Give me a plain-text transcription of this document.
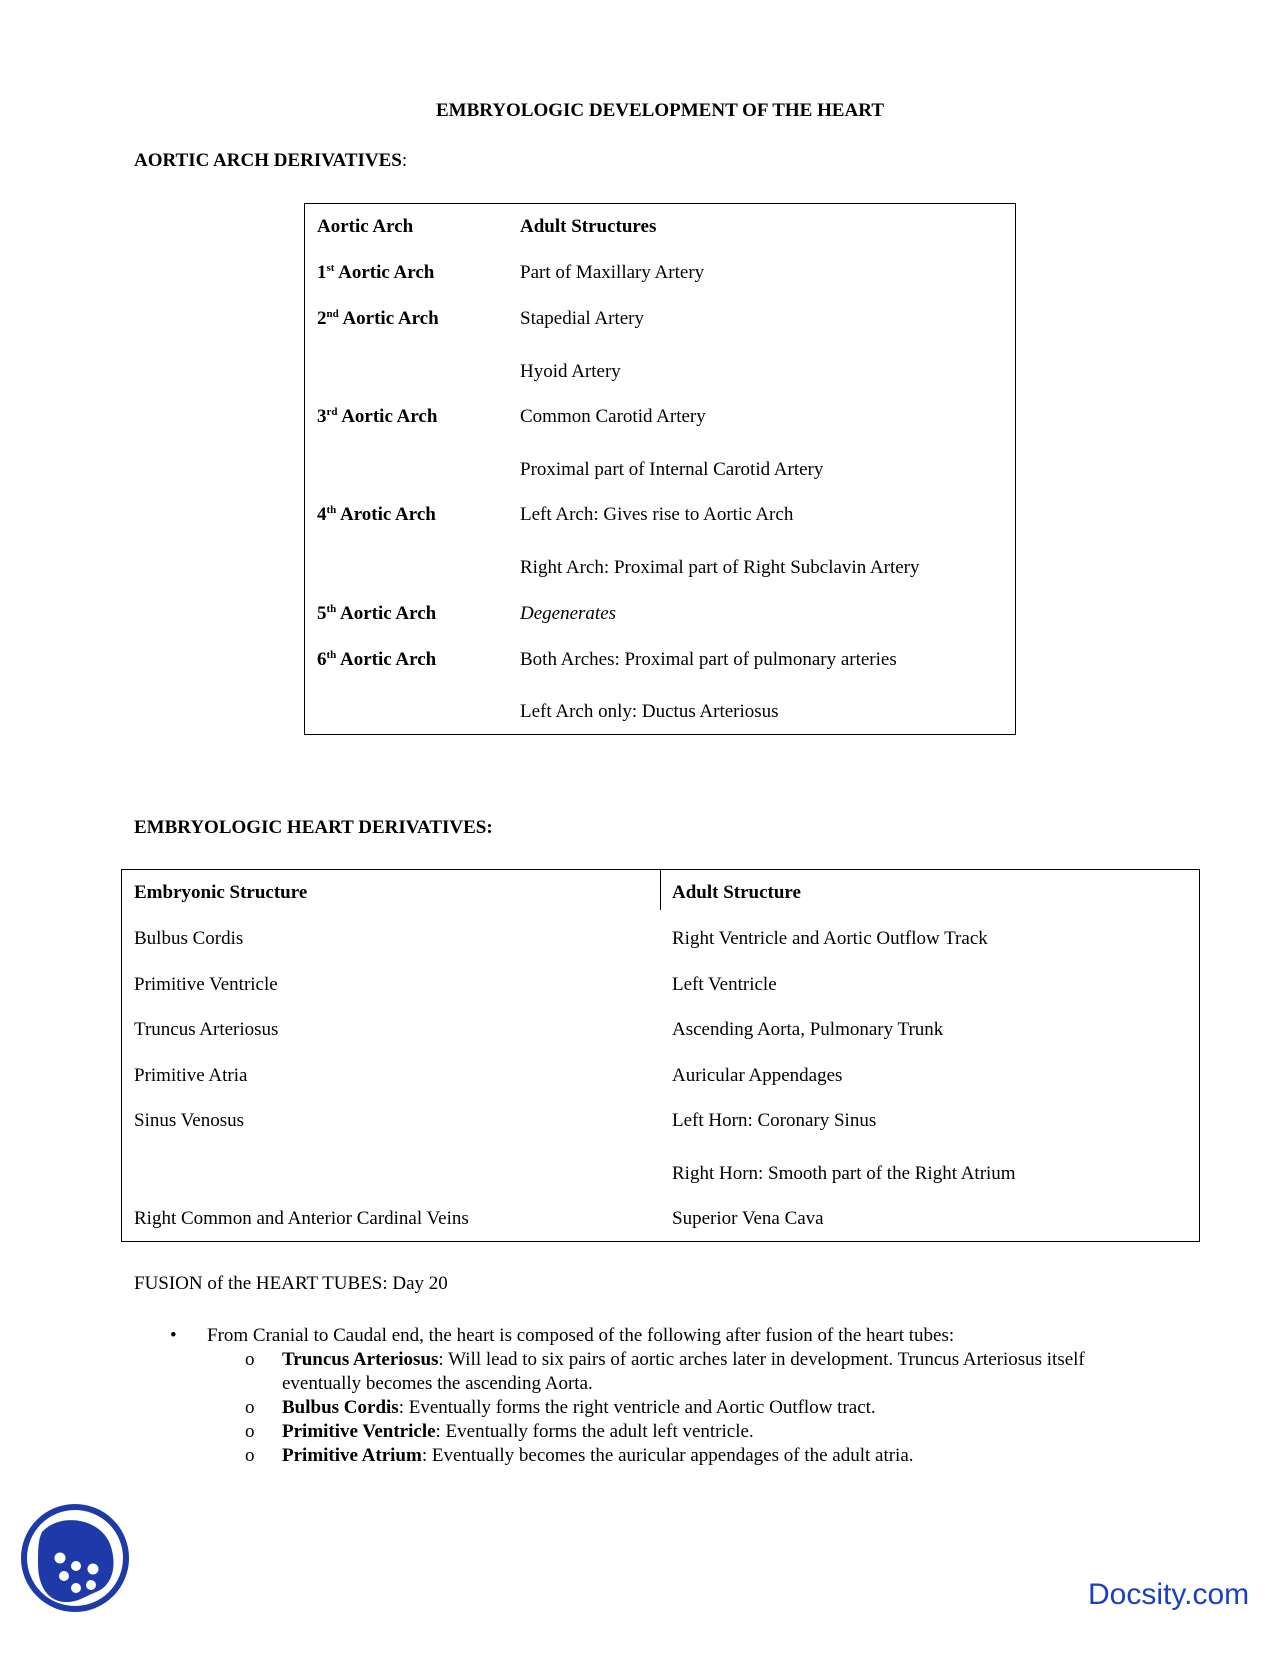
EMBRYOLOGIC DEVELOPMENT OF THE HEART
AORTIC ARCH DERIVATIVES:
Aortic Arch	Adult Structures
1st Aortic Arch	Part of Maxillary Artery
2nd Aortic Arch	Stapedial Artery
Hyoid Artery
3rd Aortic Arch	Common Carotid Artery
Proximal part of Internal Carotid Artery
4th Arotic Arch	Left Arch: Gives rise to Aortic Arch
Right Arch: Proximal part of Right Subclavin Artery
5th Aortic Arch	Degenerates
6th Aortic Arch	Both Arches: Proximal part of pulmonary arteries
Left Arch only: Ductus Arteriosus
EMBRYOLOGIC HEART DERIVATIVES:
Embryonic Structure	Adult Structure
Bulbus Cordis	Right Ventricle and Aortic Outflow Track
Primitive Ventricle	Left Ventricle
Truncus Arteriosus	Ascending Aorta, Pulmonary Trunk
Primitive Atria	Auricular Appendages
Sinus Venosus	Left Horn: Coronary Sinus
Right Horn: Smooth part of the Right Atrium
Right Common and Anterior Cardinal Veins	Superior Vena Cava
FUSION of the HEART TUBES: Day 20
• From Cranial to Caudal end, the heart is composed of the following after fusion of the heart tubes:
o Truncus Arteriosus: Will lead to six pairs of aortic arches later in development. Truncus Arteriosus itself
eventually becomes the ascending Aorta.
o Bulbus Cordis: Eventually forms the right ventricle and Aortic Outflow tract.
o Primitive Ventricle: Eventually forms the adult left ventricle.
o Primitive Atrium: Eventually becomes the auricular appendages of the adult atria.
Docsity.com
